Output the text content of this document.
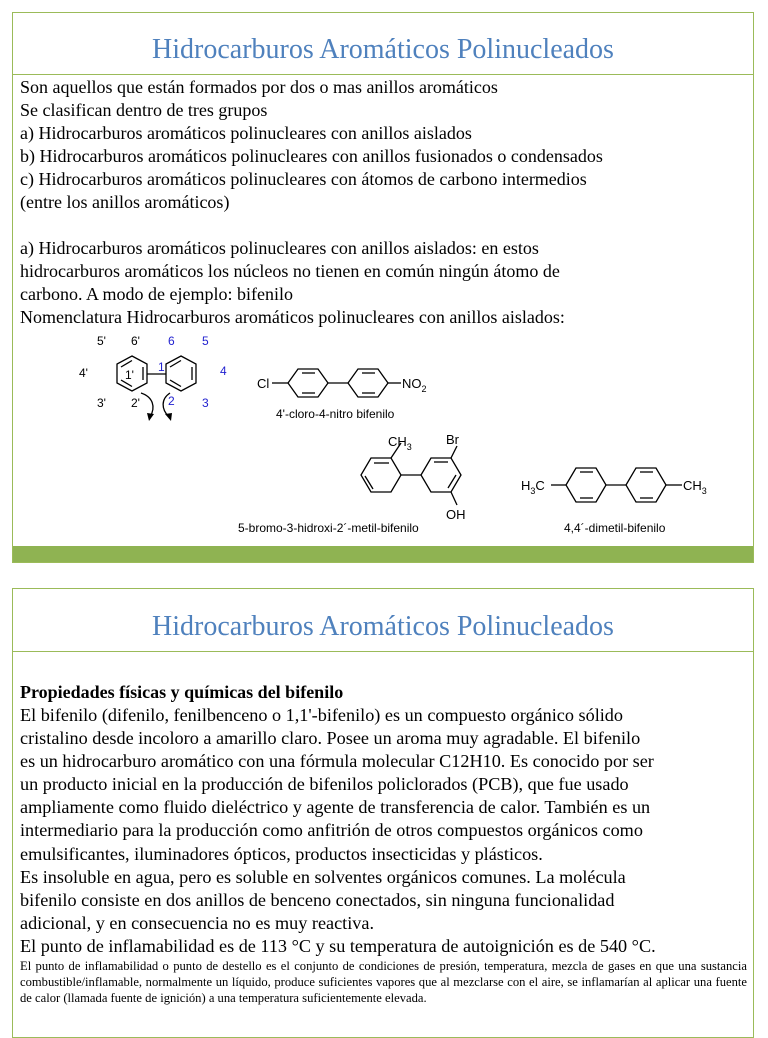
Hidrocarburos Aromáticos Polinucleados
Son aquellos que están formados por dos o mas anillos aromáticos
Se clasifican dentro de tres grupos
a) Hidrocarburos aromáticos polinucleares con anillos aislados
b) Hidrocarburos aromáticos polinucleares con anillos fusionados o condensados
c) Hidrocarburos aromáticos polinucleares con átomos de carbono intermedios
(entre los anillos aromáticos)
a) Hidrocarburos aromáticos polinucleares con anillos aislados: en estos
hidrocarburos aromáticos los núcleos no tienen en común ningún átomo de
carbono. A modo de ejemplo: bifenilo
Nomenclatura Hidrocarburos aromáticos polinucleares con anillos aislados:
5' 6'
4'	1'
3' 2'
6 5
4
1
2 3
Cl	$NO_2$
4'-cloro-4-nitro bifenilo
$CH_3$	Br
OH
5-bromo-3-hidroxi-2´-metil-bifenilo
$H_3C$	$CH_3$
4,4´-dimetil-bifenilo
Hidrocarburos Aromáticos Polinucleados
Propiedades físicas y químicas del bifenilo
El bifenilo (difenilo, fenilbenceno o 1,1'-bifenilo) es un compuesto orgánico sólido
cristalino desde incoloro a amarillo claro. Posee un aroma muy agradable. El bifenilo
es un hidrocarburo aromático con una fórmula molecular C12H10. Es conocido por ser
un producto inicial en la producción de bifenilos policlorados (PCB), que fue usado
ampliamente como fluido dieléctrico y agente de transferencia de calor. También es un
intermediario para la producción como anfitrión de otros compuestos orgánicos como
emulsificantes, iluminadores ópticos, productos insecticidas y plásticos.
Es insoluble en agua, pero es soluble en solventes orgánicos comunes. La molécula
bifenilo consiste en dos anillos de benceno conectados, sin ninguna funcionalidad
adicional, y en consecuencia no es muy reactiva.
El punto de inflamabilidad es de 113 °C y su temperatura de autoignición es de 540 °C.

El punto de inflamabilidad o punto de destello es el conjunto de condiciones de presión, temperatura, mezcla de gases en que una sustancia combustible/inflamable, normalmente un líquido, produce suficientes vapores que al mezclarse con el aire, se inflamarían al aplicar una fuente de calor (llamada fuente de ignición) a una temperatura suficientemente elevada.
